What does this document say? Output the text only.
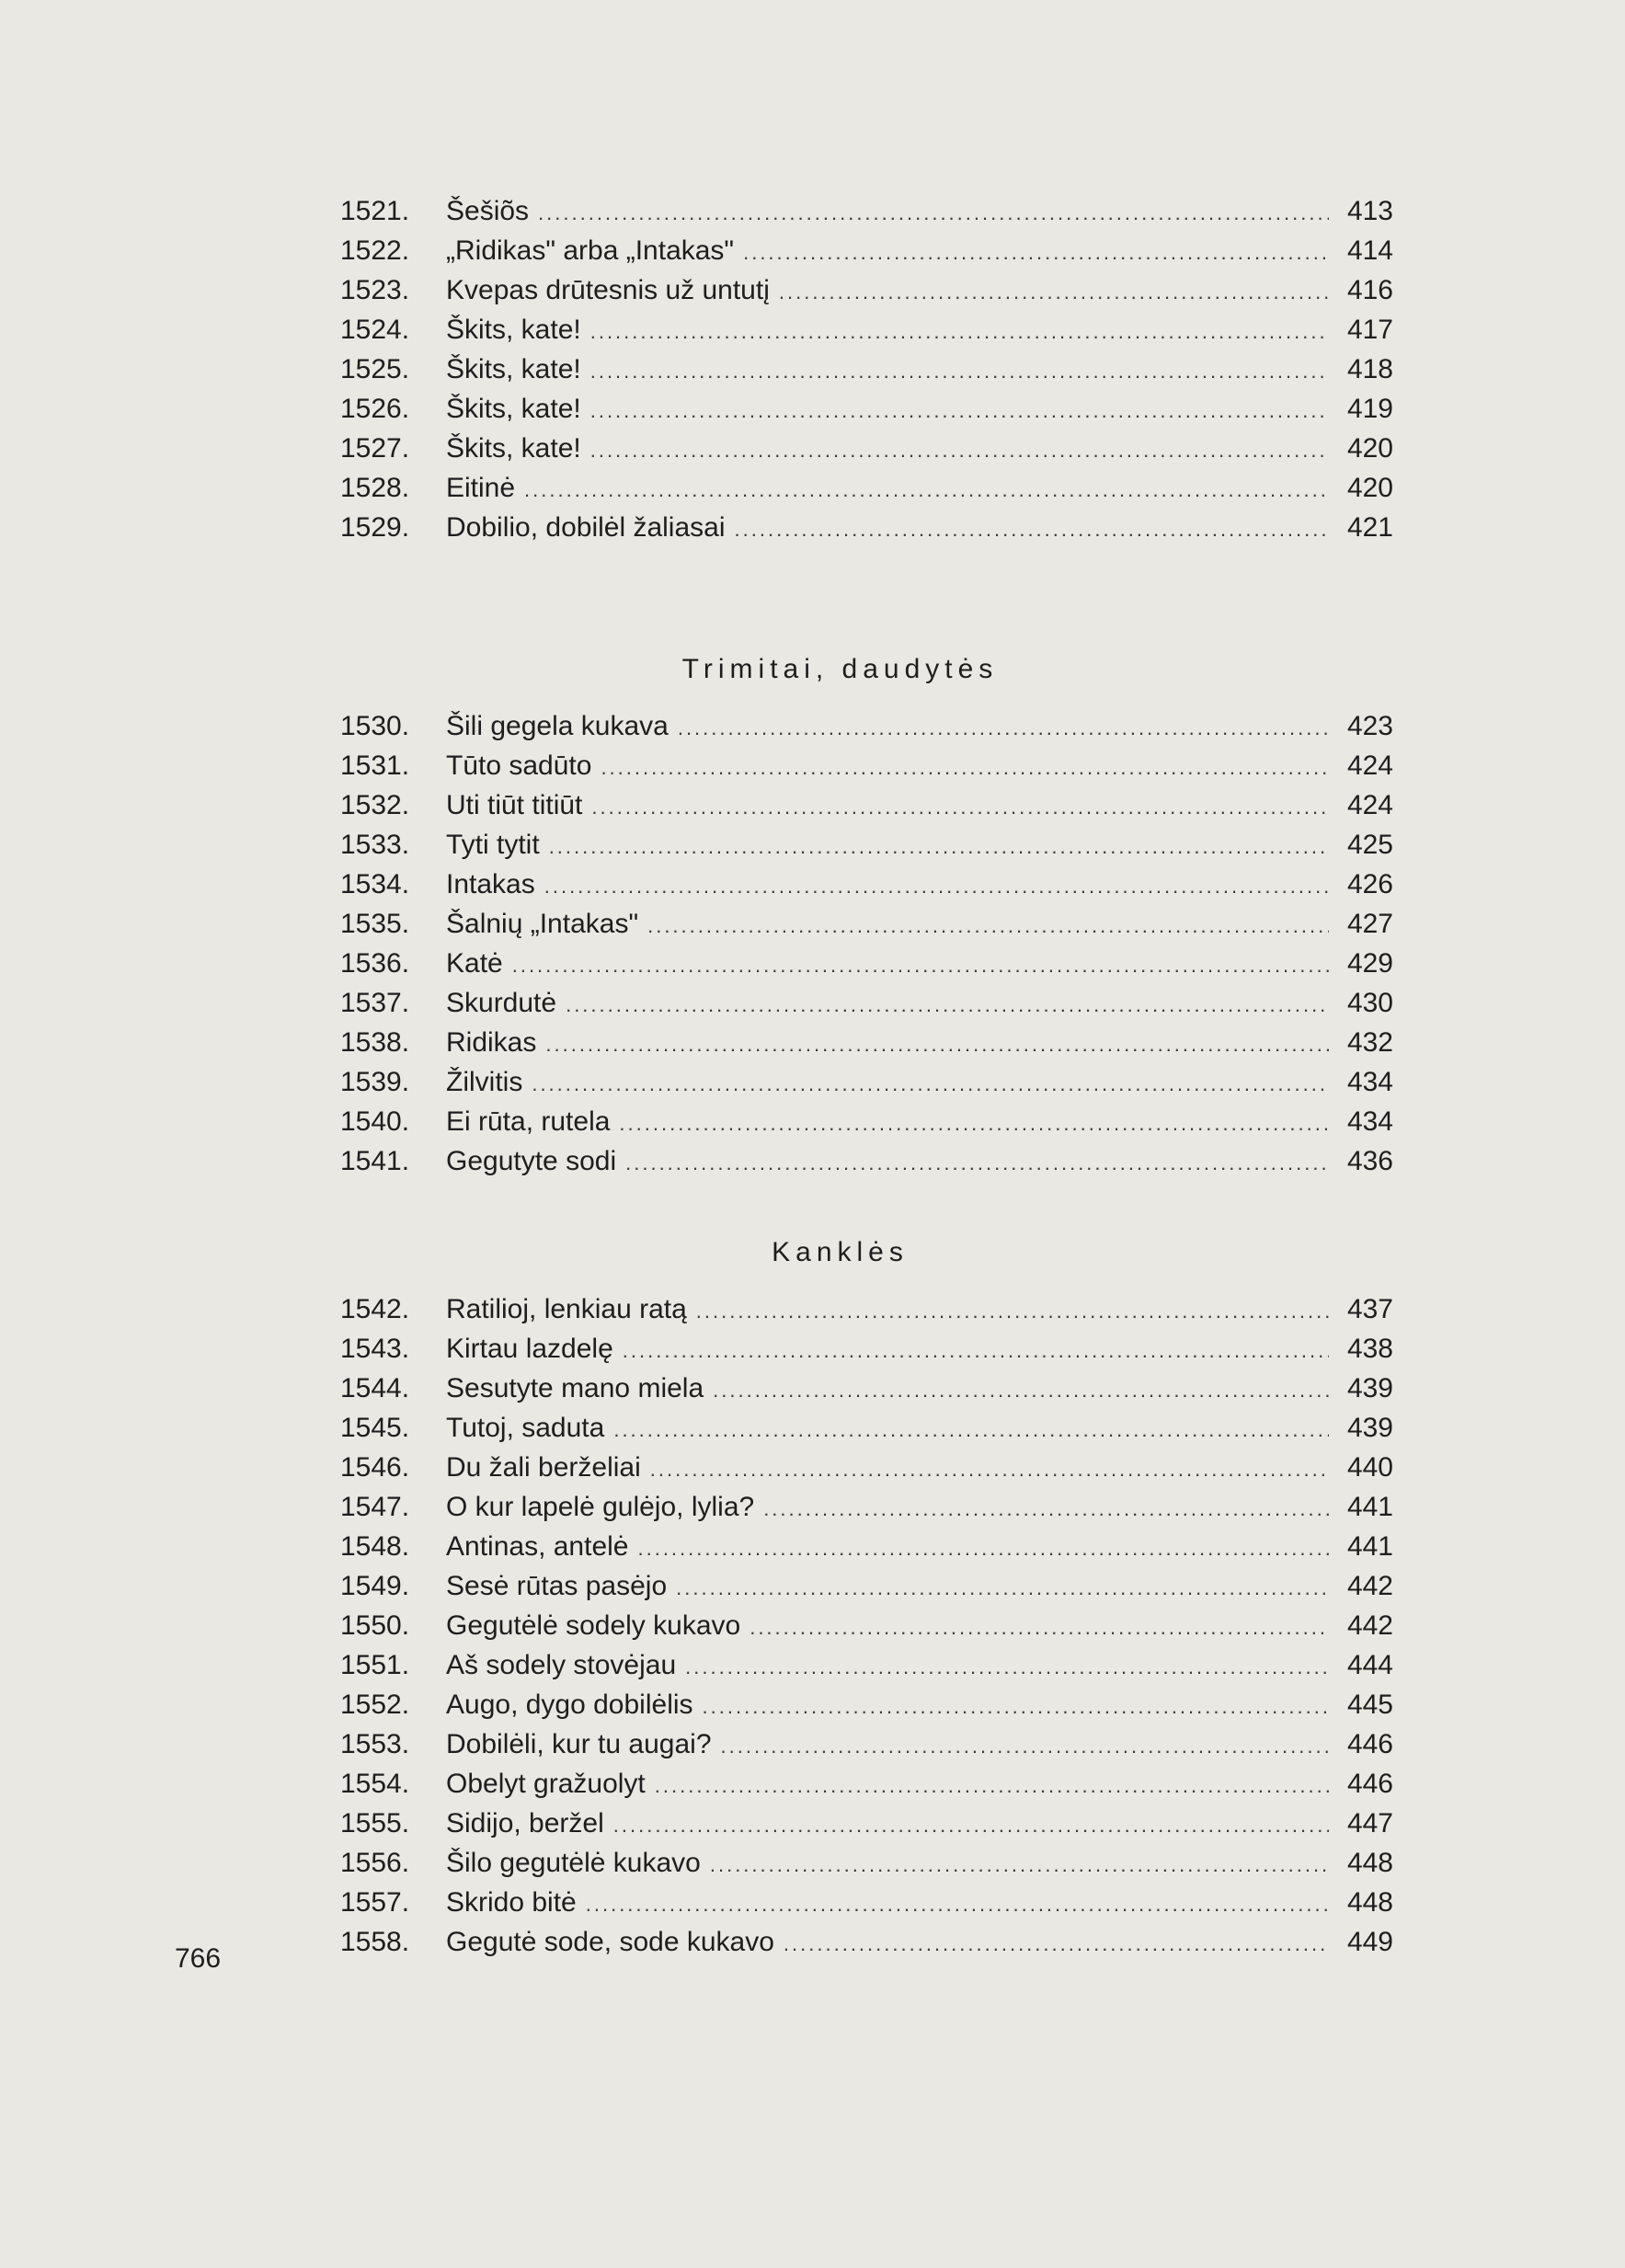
1521.	Šešiõs .....	413
1522.	„Ridikas" arba „Intakas" .....	414
1523.	Kvepas drūtesnis už untutį .....	416
1524.	Škits, kate! .....	417
1525.	Škits, kate! .....	418
1526.	Škits, kate! .....	419
1527.	Škits, kate! .....	420
1528.	Eitinė .....	420
1529.	Dobilio, dobilėl žaliasai .....	421
Trimitai, daudytės
1530.	Šili gegela kukava .....	423
1531.	Tūto sadūto .....	424
1532.	Uti tiūt titiūt .....	424
1533.	Tyti tytit .....	425
1534.	Intakas .....	426
1535.	Šalnių „Intakas" .....	427
1536.	Katė .....	429
1537.	Skurdutė .....	430
1538.	Ridikas .....	432
1539.	Žilvitis .....	434
1540.	Ei rūta, rutela .....	434
1541.	Gegutyte sodi .....	436
Kanklės
1542.	Ratilioj, lenkiau ratą .....	437
1543.	Kirtau lazdelę .....	438
1544.	Sesutyte mano miela .....	439
1545.	Tutoj, saduta .....	439
1546.	Du žali berželiai .....	440
1547.	O kur lapelė gulėjo, lylia? .....	441
1548.	Antinas, antelė .....	441
1549.	Sesė rūtas pasėjo .....	442
1550.	Gegutėlė sodely kukavo .....	442
1551.	Aš sodely stovėjau .....	444
1552.	Augo, dygo dobilėlis .....	445
1553.	Dobilėli, kur tu augai? .....	446
1554.	Obelyt gražuolyt .....	446
1555.	Sidijo, beržel .....	447
1556.	Šilo gegutėlė kukavo .....	448
1557.	Skrido bitė .....	448
1558.	Gegutė sode, sode kukavo .....	449
766
